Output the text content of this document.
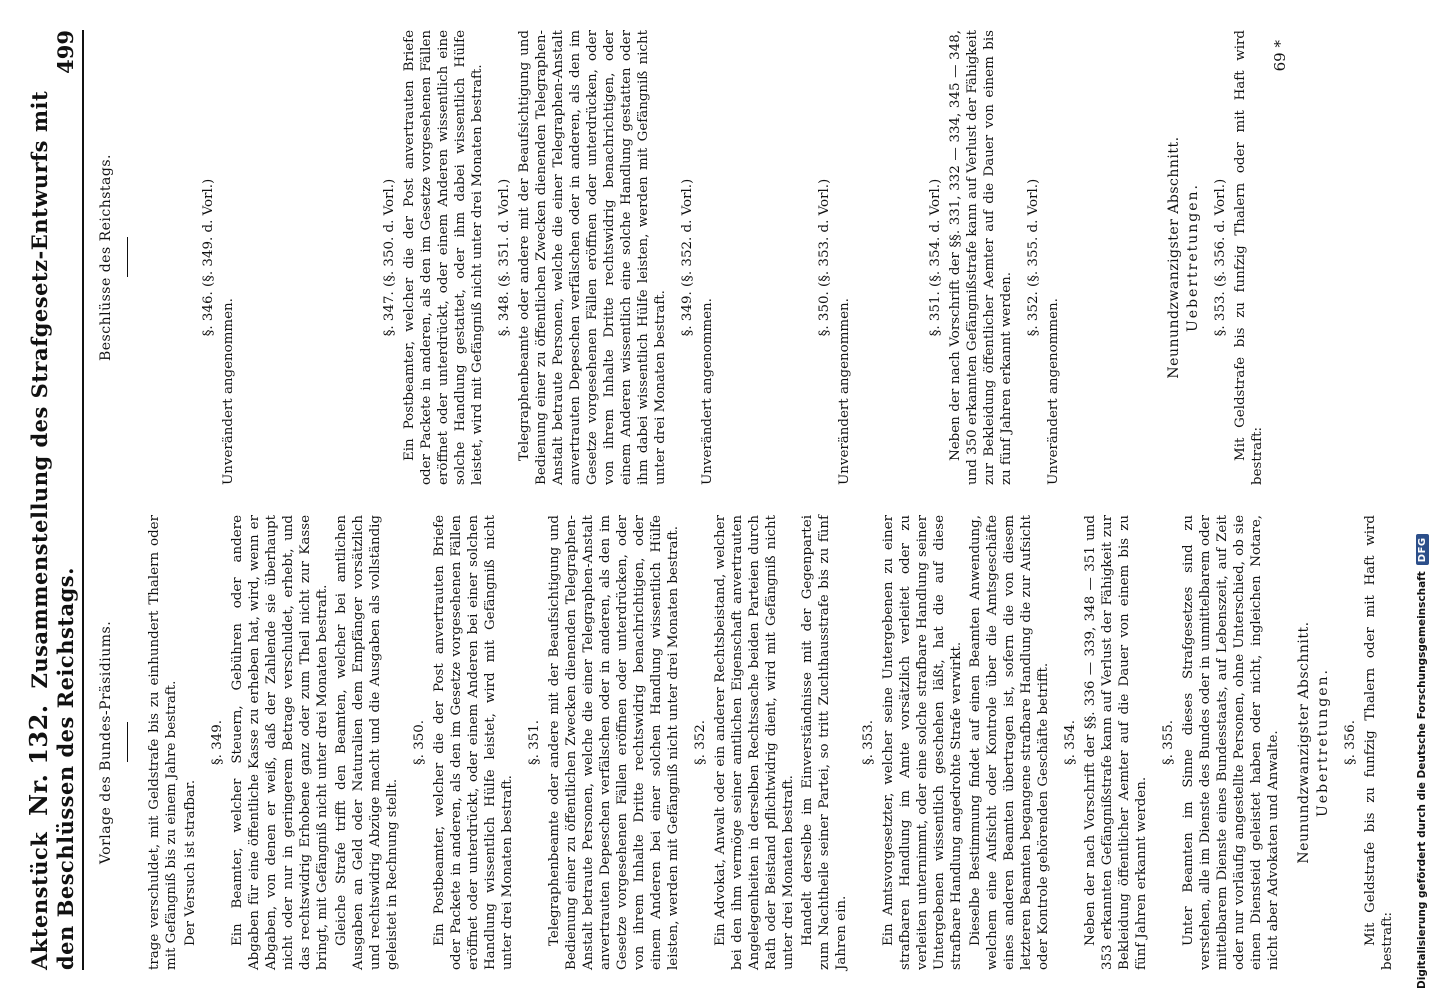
Aktenstück Nr. 132. Zusammenstellung des Strafgesetz-Entwurfs mit den Beschlüssen des Reichstags.
499
Vorlage des Bundes-Präsidiums. trage verschuldet, mit Geldstrafe bis zu einhundert Thalern oder mit Gefängniß bis zu einem Jahre bestraft. Der Versuch ist strafbar.
§. 349. Ein Beamter, welcher Steuern, Gebühren oder andere Abgaben für eine öffentliche Kasse zu erheben hat, wird, wenn er Abgaben, von denen er weiß, daß der Zahlende sie überhaupt nicht oder nur in geringerem Betrage verschuldet, erhebt, und das rechtswidrig Erhobene ganz oder zum Theil nicht zur Kasse bringt, mit Gefängniß nicht unter drei Monaten bestraft. Gleiche Strafe trifft den Beamten, welcher bei amtlichen Ausgaben an Geld oder Naturalien dem Empfänger vorsätzlich und rechtswidrig Abzüge macht und die Ausgaben als vollständig geleistet in Rechnung stellt.
§. 350. Ein Postbeamter, welcher die der Post anvertrauten Briefe oder Packete in anderen, als den im Gesetze vorgesehenen Fällen eröffnet oder unterdrückt, oder einem Anderen bei einer solchen Handlung wissentlich Hülfe leistet, wird mit Gefängniß nicht unter drei Monaten bestraft.
§. 351. Telegraphenbeamte oder andere mit der Beaufsichtigung und Bedienung einer zu öffentlichen Zwecken dienenden Telegraphen-Anstalt betraute Personen, welche die einer Telegraphen-Anstalt anvertrauten Depeschen verfälschen oder in anderen, als den im Gesetze vorgesehenen Fällen eröffnen oder unterdrücken, oder von ihrem Inhalte Dritte rechtswidrig benachrichtigen, oder einem Anderen bei einer solchen Handlung wissentlich Hülfe leisten, werden mit Gefängniß nicht unter drei Monaten bestraft. §. 352. Ein Advokat, Anwalt oder ein anderer Rechtsbeistand, welcher bei den ihm vermöge seiner amtlichen Eigenschaft anvertrauten Angelegenheiten in derselben Rechtssache beiden Parteien durch Rath oder Beistand pflichtwidrig dient, wird mit Gefängniß nicht unter drei Monaten bestraft. Handelt derselbe im Einverständnisse mit der Gegenpartei zum Nachtheile seiner Partei, so tritt Zuchthausstrafe bis zu fünf Jahren ein.
§. 353. Ein Amtsvorgesetzter, welcher seine Untergebenen zu einer strafbaren Handlung im Amte vorsätzlich verleitet oder zu verleiten unternimmt, oder eine solche strafbare Handlung seiner Untergebenen wissentlich geschehen läßt, hat die auf diese strafbare Handlung angedrohte Strafe verwirkt. Dieselbe Bestimmung findet auf einen Beamten Anwendung, welchem eine Aufsicht oder Kontrole über die Amtsgeschäfte eines anderen Beamten übertragen ist, sofern die von diesem letzteren Beamten begangene strafbare Handlung die zur Aufsicht oder Kontrole gehörenden Geschäfte betrifft. §. 354. Neben der nach Vorschrift der §§. 336 — 339, 348 — 351 und 353 erkannten Gefängnißstrafe kann auf Verlust der Fähigkeit zur Bekleidung öffentlicher Aemter auf die Dauer von einem bis zu fünf Jahren erkannt werden.
§. 355. Unter Beamten im Sinne dieses Strafgesetzes sind zu verstehen, alle im Dienste des Bundes oder in unmittelbarem oder mittelbarem Dienste eines Bundesstaats, auf Lebenszeit, auf Zeit oder nur vorläufig angestellte Personen, ohne Unterschied, ob sie einen Diensteid geleistet haben oder nicht, ingleichen Notare, nicht aber Advokaten und Anwalte. Neunundzwanzigster Abschnitt. Uebertretungen. §. 356. Mit Geldstrafe bis zu funfzig Thalern oder mit Haft wird bestraft:
Beschlüsse des Reichstags.	§. 346. (§. 349. d. Vorl.)
Unverändert angenommen.
§. 347. (§. 350. d. Vorl.) Ein Postbeamter, welcher die der Post anvertrauten Briefe oder Packete in anderen, als den im Gesetze vorgesehenen Fällen eröffnet oder unterdrückt, oder einem Anderen wissentlich eine solche Handlung gestattet, oder ihm dabei wissentlich Hülfe leistet, wird mit Gefängniß nicht unter drei Monaten bestraft. §. 348. (§. 351. d. Vorl.) Telegraphenbeamte oder andere mit der Beaufsichtigung und Bedienung einer zu öffentlichen Zwecken dienenden Telegraphen-Anstalt betraute Personen, welche die einer Telegraphen-Anstalt anvertrauten Depeschen verfälschen oder in anderen, als den im Gesetze vorgesehenen Fällen eröffnen oder unterdrücken, oder von ihrem Inhalte Dritte rechtswidrig benachrichtigen, oder einem Anderen wissentlich eine solche Handlung gestatten oder ihm dabei wissentlich Hülfe leisten, werden mit Gefängniß nicht unter drei Monaten bestraft.
§. 349. (§. 352. d. Vorl.)
Unverändert angenommen.
§. 350. (§. 353. d. Vorl.)
Unverändert angenommen.
§. 351. (§. 354. d. Vorl.) Neben der nach Vorschrift der §§. 331, 332 — 334, 345 — 348, und 350 erkannten Gefängnißstrafe kann auf Verlust der Fähigkeit zur Bekleidung öffentlicher Aemter auf die Dauer von einem bis zu fünf Jahren erkannt werden.
§. 352. (§. 355. d. Vorl.)
Unverändert angenommen.
Neunundzwanzigster Abschnitt. Uebertretungen. §. 353. (§. 356. d. Vorl.) Mit Geldstrafe bis zu funfzig Thalern oder mit Haft wird bestraft:
69 *
Digitalisierung gefördert durch die Deutsche Forschungsgemeinschaft
DFG
